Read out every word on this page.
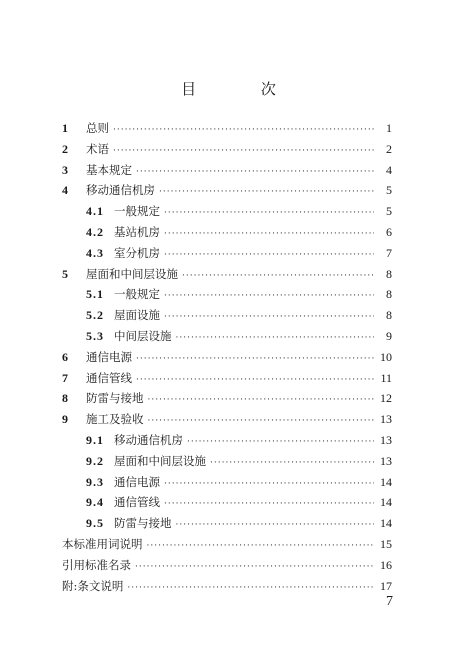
目 次
1	总则 ·····	1
2	术语 ·····	2
3	基本规定 ·····	4
4	移动通信机房 ·····	5
4.1 一般规定 ·····	5
4.2 基站机房 ·····	6
4.3 室分机房 ·····	7
5	屋面和中间层设施 ·····	8
5.1 一般规定 ·····	8
5.2 屋面设施 ·····	8
5.3 中间层设施 ·····	9
6	通信电源 ·····	10
7	通信管线 ·····	11
8	防雷与接地 ·····	12
9	施工及验收 ·····	13
9.1 移动通信机房 ·····	13
9.2 屋面和中间层设施 ·····	13
9.3 通信电源 ·····	14
9.4 通信管线 ·····	14
9.5 防雷与接地 ·····	14
本标准用词说明 ·····	15
引用标准名录 ·····	16
附:条文说明 ·····	17
7
